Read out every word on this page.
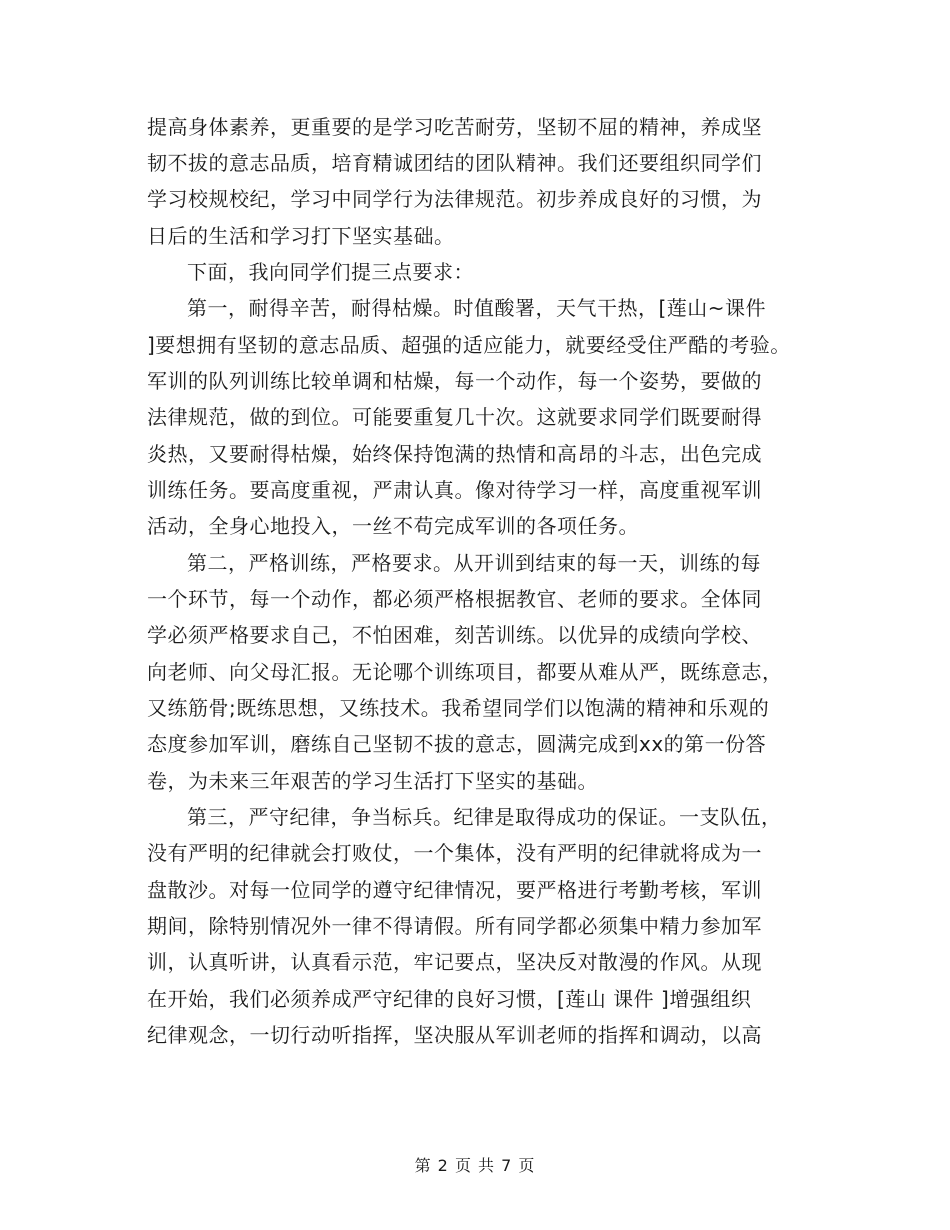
提高身体素养，更重要的是学习吃苦耐劳，坚韧不屈的精神，养成坚
韧不拔的意志品质，培育精诚团结的团队精神。我们还要组织同学们
学习校规校纪，学习中同学行为法律规范。初步养成良好的习惯，为
日后的生活和学习打下坚实基础。
下面，我向同学们提三点要求：
第一，耐得辛苦，耐得枯燥。时值酸署，天气干热，[莲山~课件
]要想拥有坚韧的意志品质、超强的适应能力，就要经受住严酷的考验。
军训的队列训练比较单调和枯燥，每一个动作，每一个姿势，要做的
法律规范，做的到位。可能要重复几十次。这就要求同学们既要耐得
炎热，又要耐得枯燥，始终保持饱满的热情和高昂的斗志，出色完成
训练任务。要高度重视，严肃认真。像对待学习一样，高度重视军训
活动，全身心地投入，一丝不苟完成军训的各项任务。
第二，严格训练，严格要求。从开训到结束的每一天，训练的每
一个环节，每一个动作，都必须严格根据教官、老师的要求。全体同
学必须严格要求自己，不怕困难，刻苦训练。以优异的成绩向学校、
向老师、向父母汇报。无论哪个训练项目，都要从难从严，既练意志，
又练筋骨;既练思想，又练技术。我希望同学们以饱满的精神和乐观的
态度参加军训，磨练自己坚韧不拔的意志，圆满完成到xx的第一份答
卷，为未来三年艰苦的学习生活打下坚实的基础。
第三，严守纪律，争当标兵。纪律是取得成功的保证。一支队伍，
没有严明的纪律就会打败仗，一个集体，没有严明的纪律就将成为一
盘散沙。对每一位同学的遵守纪律情况，要严格进行考勤考核，军训
期间，除特别情况外一律不得请假。所有同学都必须集中精力参加军
训，认真听讲，认真看示范，牢记要点，坚决反对散漫的作风。从现
在开始，我们必须养成严守纪律的良好习惯，[莲山 课件 ]增强组织
纪律观念，一切行动听指挥，坚决服从军训老师的指挥和调动，以高
第 2 页 共 7 页
